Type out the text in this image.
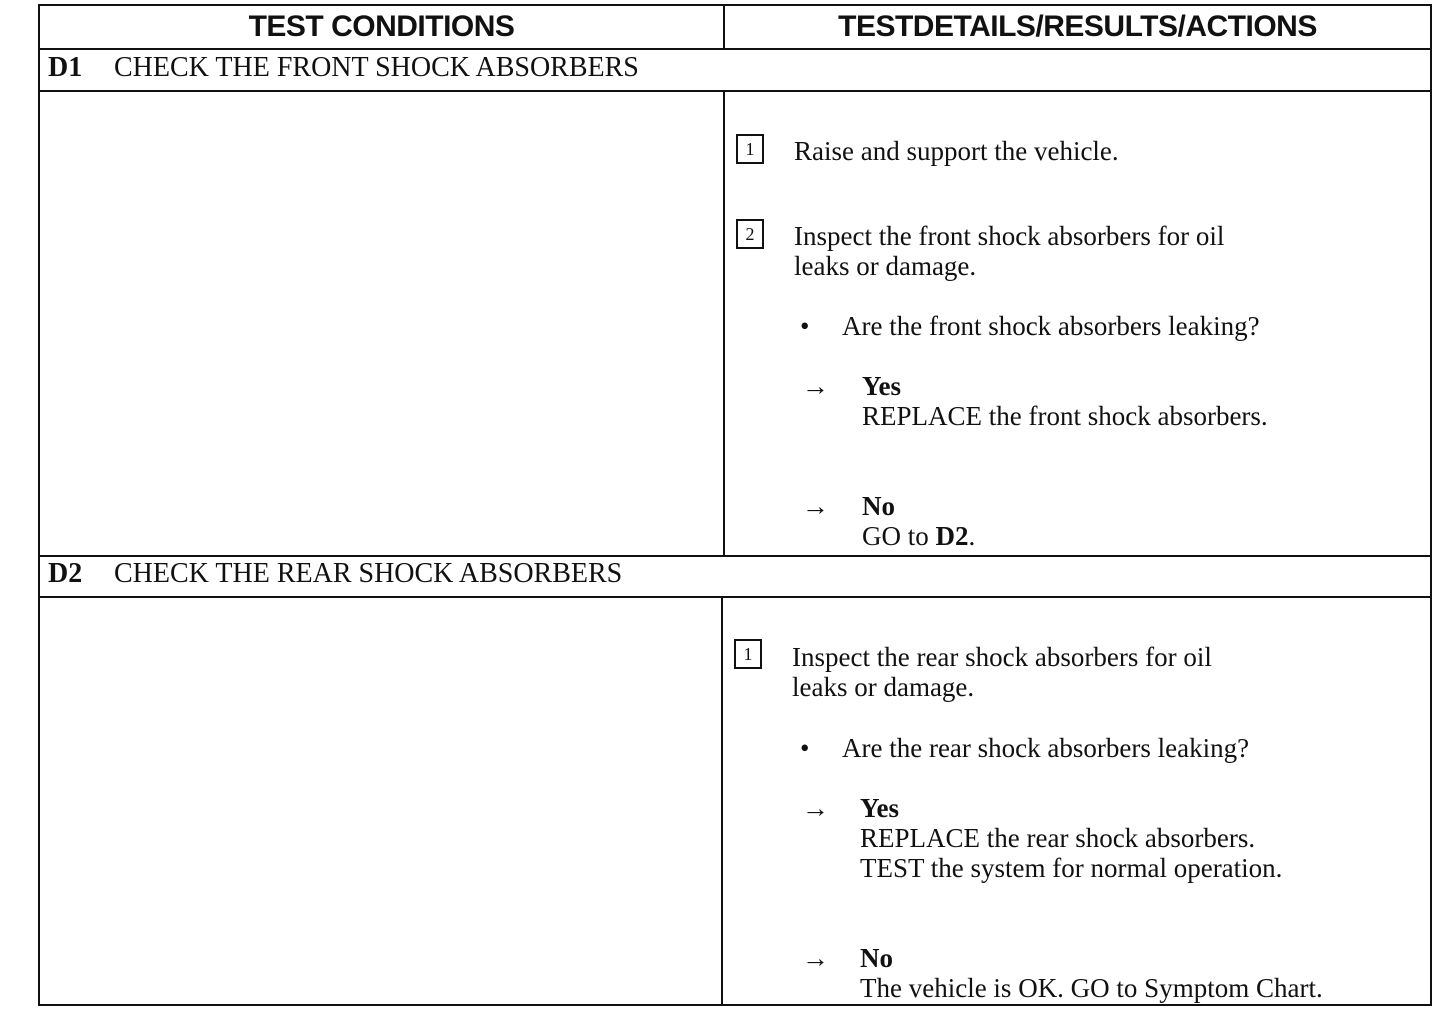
TEST CONDITIONS	TESTDETAILS/RESULTS/ACTIONS
D1 CHECK THE FRONT SHOCK ABSORBERS
1	Raise and support the vehicle.
2	Inspect the front shock absorbers for oil
leaks or damage.
• Are the front shock absorbers leaking?
→ Yes
REPLACE the front shock absorbers.
→ No
GO to D2.
D2 CHECK THE REAR SHOCK ABSORBERS
1	Inspect the rear shock absorbers for oil
leaks or damage.
• Are the rear shock absorbers leaking?
→ Yes
REPLACE the rear shock absorbers.
TEST the system for normal operation.
→ No
The vehicle is OK. GO to Symptom Chart.
